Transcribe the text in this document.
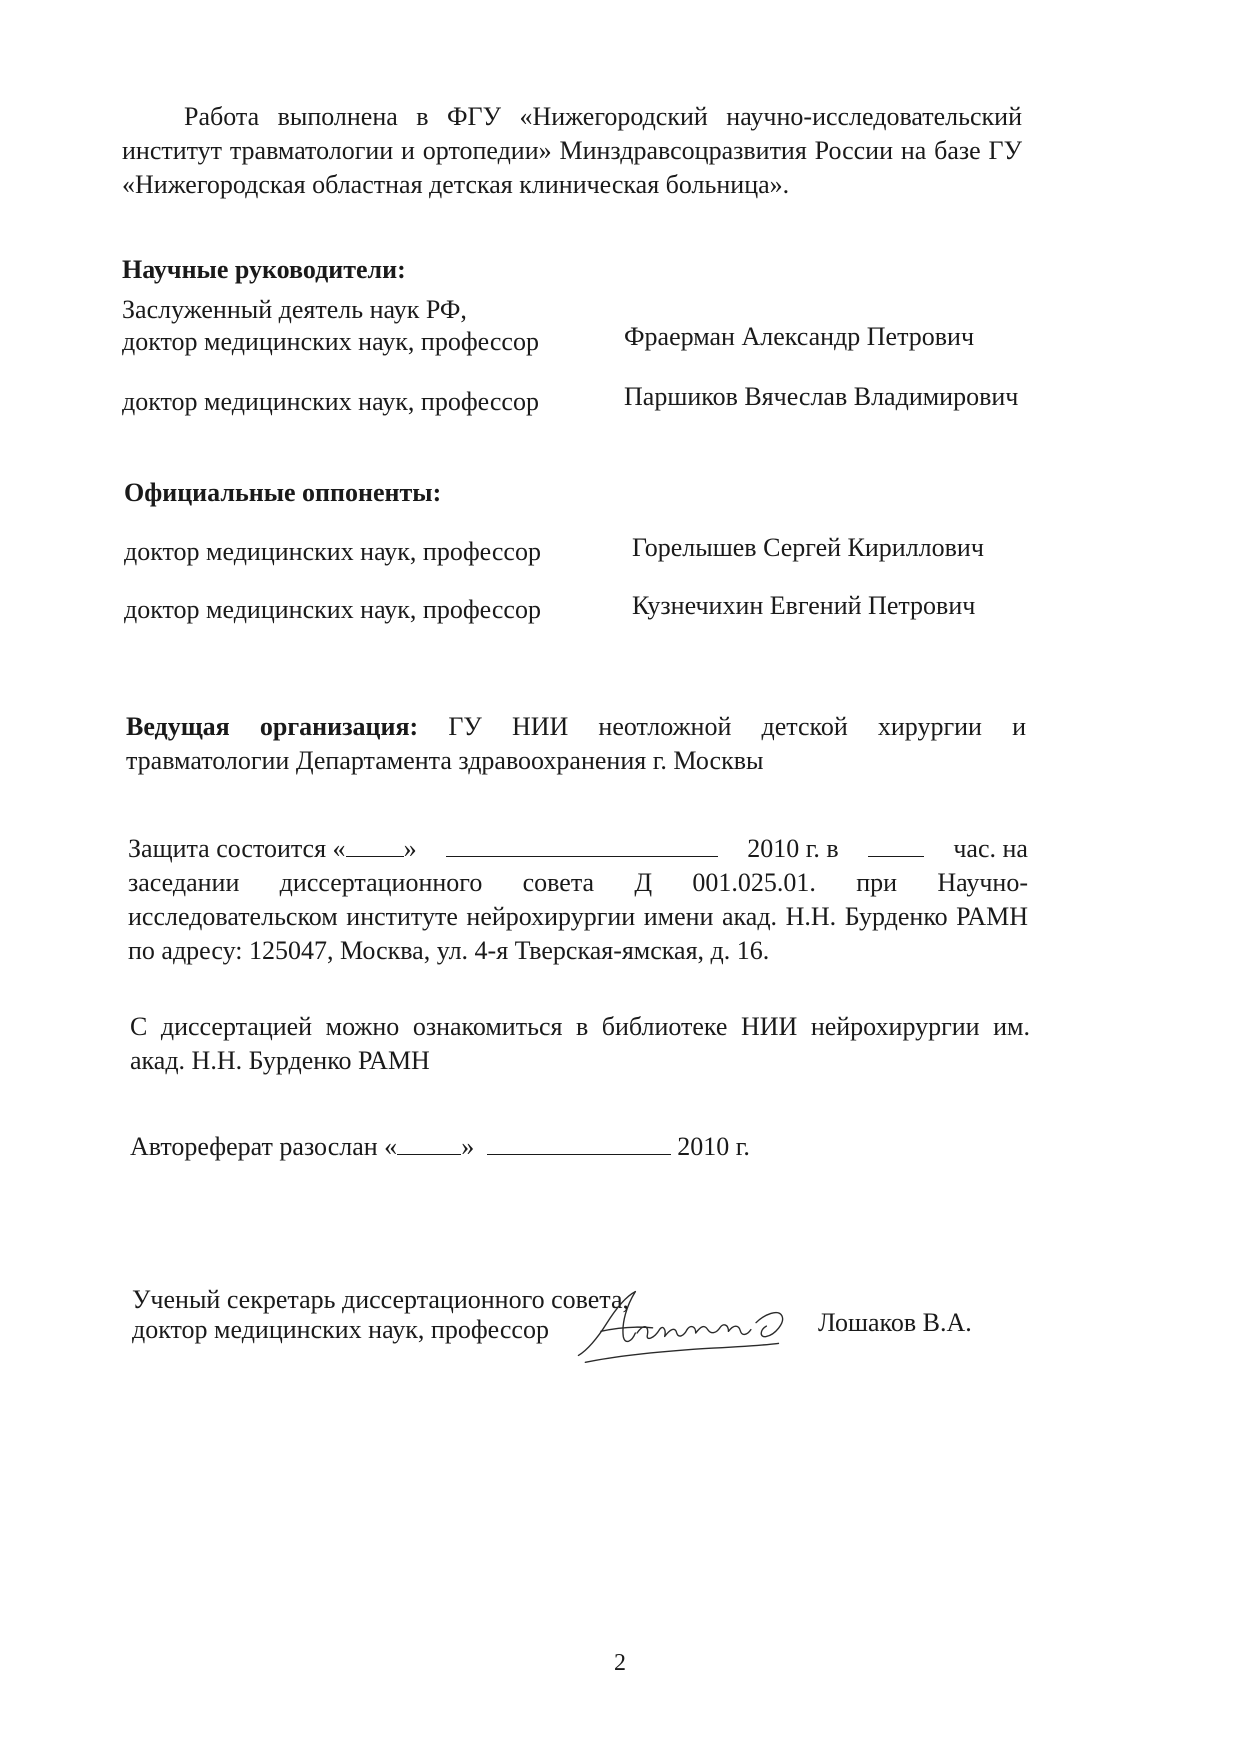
Работа выполнена в ФГУ «Нижегородский научно-исследовательский институт травматологии и ортопедии» Минздравсоцразвития России на базе ГУ «Нижегородская областная детская клиническая больница».
Научные руководители:
Заслуженный деятель наук РФ,
доктор медицинских наук, профессор	Фраерман Александр Петрович
доктор медицинских наук, профессор	Паршиков Вячеслав Владимирович
Официальные оппоненты:
доктор медицинских наук, профессор	Горелышев Сергей Кириллович
доктор медицинских наук, профессор	Кузнечихин Евгений Петрович
Ведущая организация: ГУ НИИ неотложной детской хирургии и травматологии Департамента здравоохранения г. Москвы
Защита состоится « »	2010 г. в	час. на
заседании диссертационного совета Д 001.025.01. при Научно-исследовательском институте нейрохирургии имени акад. Н.Н. Бурденко РАМН по адресу: 125047, Москва, ул. 4-я Тверская-ямская, д. 16.
С диссертацией можно ознакомиться в библиотеке НИИ нейрохирургии им. акад. Н.Н. Бурденко РАМН
Автореферат разослан « »	2010 г.
Ученый секретарь диссертационного совета,
доктор медицинских наук, профессор	Лошаков В.А.
2
